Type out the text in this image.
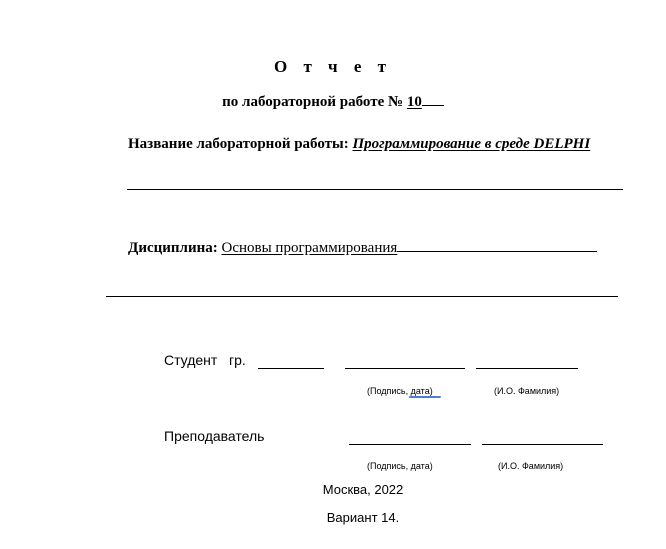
О т ч е т
по лабораторной работе № 10
Название лабораторной работы: Программирование в среде DELPHI
Дисциплина: Основы программирования
Студент гр.
(Подпись, дата)	(И.О. Фамилия)
Преподаватель
(Подпись, дата)	(И.О. Фамилия)
Москва, 2022
Вариант 14.
